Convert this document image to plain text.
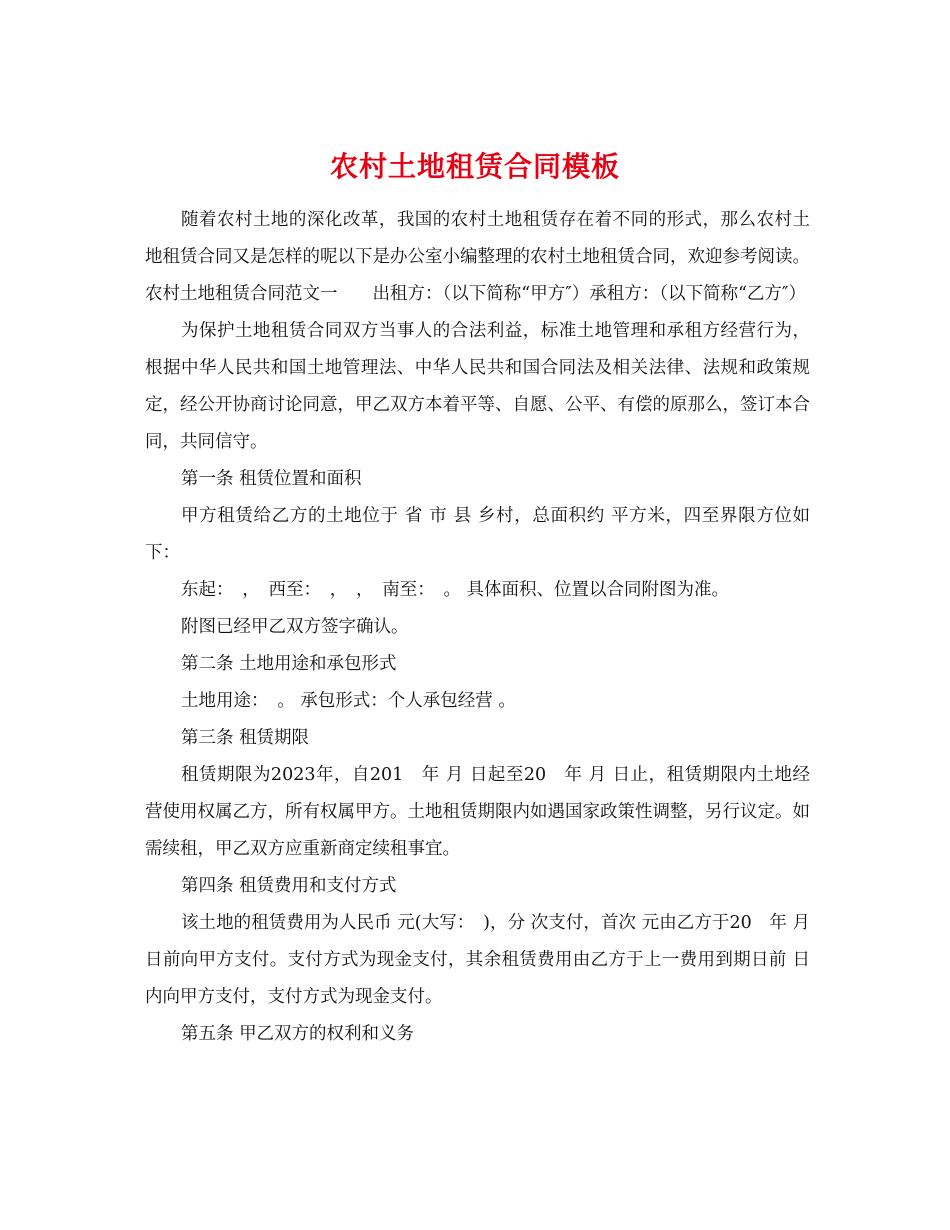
农村土地租赁合同模板

随着农村土地的深化改革，我国的农村土地租赁存在着不同的形式，那么农村土地租赁合同又是怎样的呢以下是办公室小编整理的农村土地租赁合同，欢迎参考阅读。

农村土地租赁合同范文一　　出租方：（以下简称“甲方″）承租方：（以下简称“乙方″）

为保护土地租赁合同双方当事人的合法利益，标准土地管理和承租方经营行为，根据中华人民共和国土地管理法、中华人民共和国合同法及相关法律、法规和政策规定，经公开协商讨论同意，甲乙双方本着平等、自愿、公平、有偿的原那么，签订本合同，共同信守。

第一条 租赁位置和面积

甲方租赁给乙方的土地位于 省 市 县 乡村，总面积约 平方米，四至界限方位如下：

东起：　，　西至：　，　，　南至：　。 具体面积、位置以合同附图为准。

附图已经甲乙双方签字确认。

第二条 土地用途和承包形式

土地用途：　。 承包形式：个人承包经营 。

第三条 租赁期限

租赁期限为2023年，自201　年 月 日起至20　年 月 日止，租赁期限内土地经营使用权属乙方，所有权属甲方。土地租赁期限内如遇国家政策性调整，另行议定。如需续租，甲乙双方应重新商定续租事宜。

第四条 租赁费用和支付方式

该土地的租赁费用为人民币 元(大写：　)，分 次支付，首次 元由乙方于20　年 月 日前向甲方支付。支付方式为现金支付，其余租赁费用由乙方于上一费用到期日前 日内向甲方支付，支付方式为现金支付。

第五条 甲乙双方的权利和义务
